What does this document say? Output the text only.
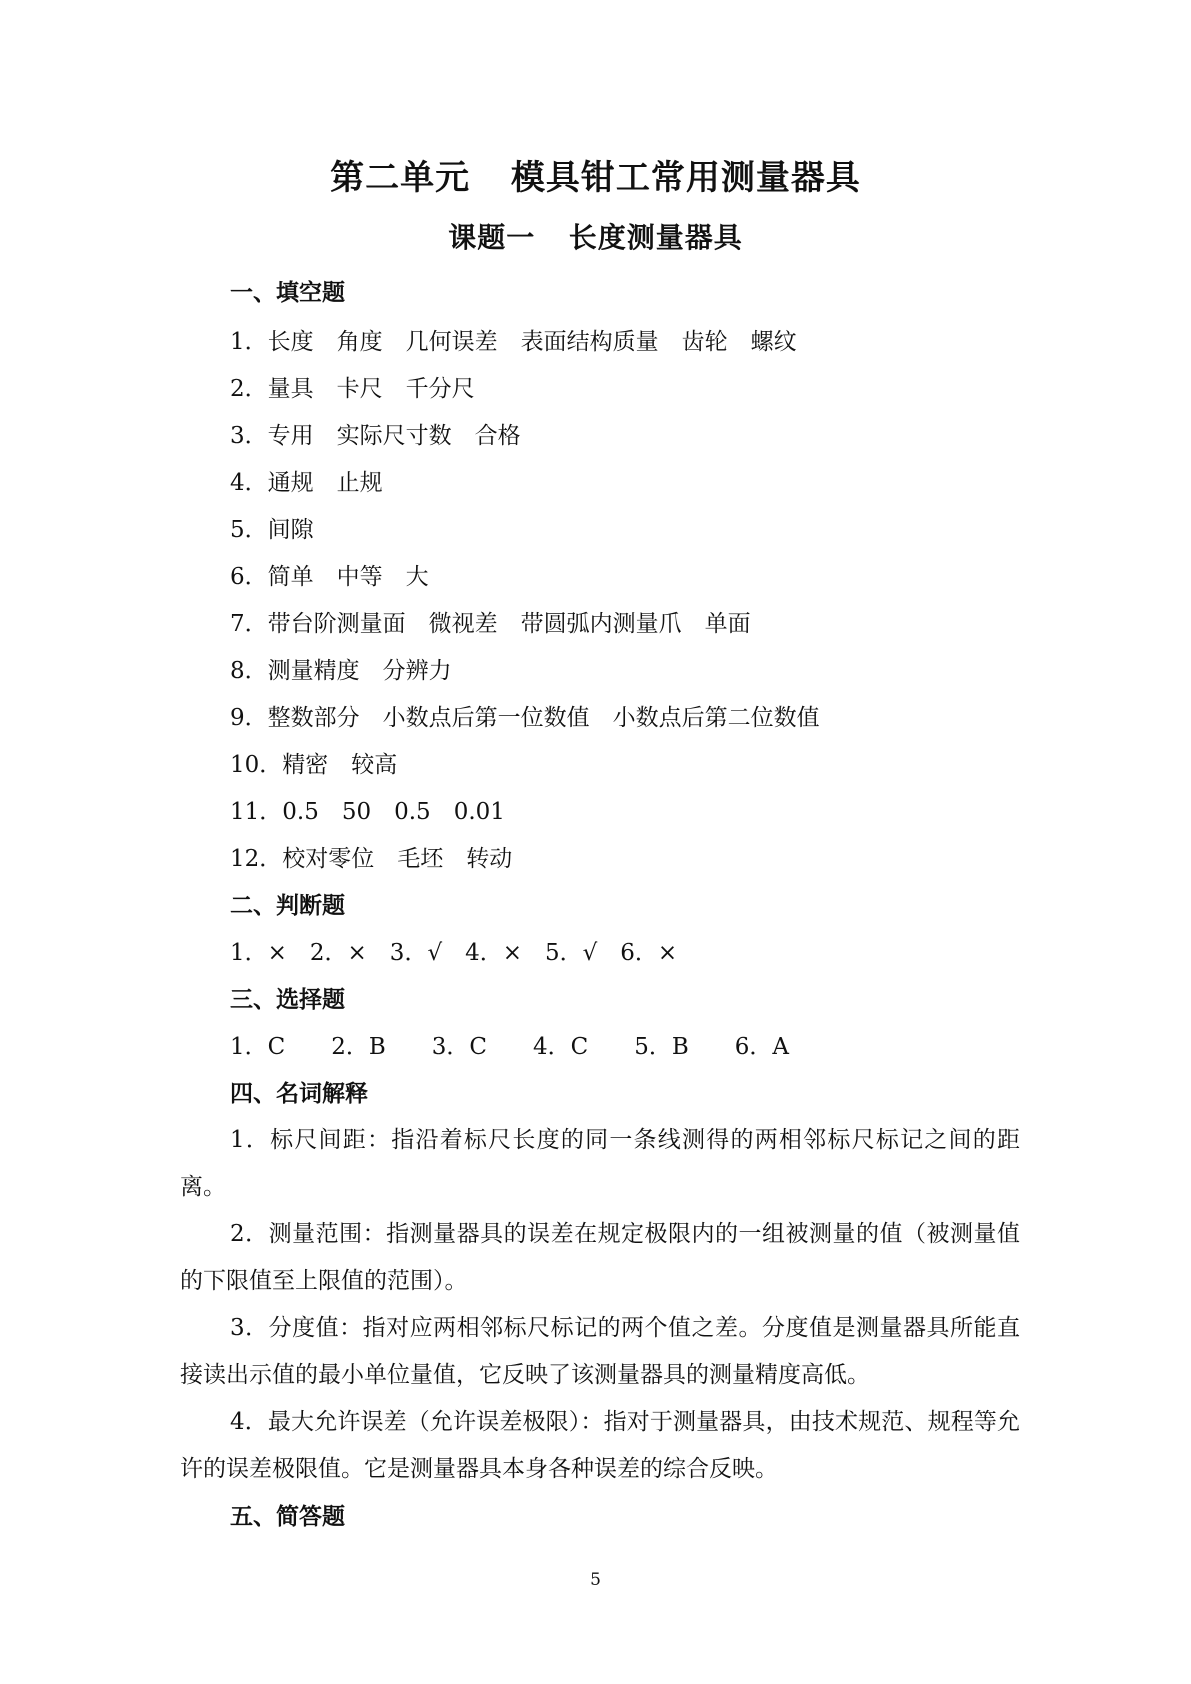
第二单元 模具钳工常用测量器具
课题一 长度测量器具
一、填空题
1．长度　角度　几何误差　表面结构质量　齿轮　螺纹
2．量具　卡尺　千分尺
3．专用　实际尺寸数　合格
4．通规　止规
5．间隙
6．简单　中等　大
7．带台阶测量面　微视差　带圆弧内测量爪　单面
8．测量精度　分辨力
9．整数部分　小数点后第一位数值　小数点后第二位数值
10．精密　较高
11．0.5　50　0.5　0.01
12．校对零位　毛坯　转动
二、判断题
1．×　2．×　3．√　4．×　5．√　6．×
三、选择题
1．C　　2．B　　3．C　　4．C　　5．B　　6．A
四、名词解释
1．标尺间距：指沿着标尺长度的同一条线测得的两相邻标尺标记之间的距离。
2．测量范围：指测量器具的误差在规定极限内的一组被测量的值（被测量值的下限值至上限值的范围）。
3．分度值：指对应两相邻标尺标记的两个值之差。分度值是测量器具所能直接读出示值的最小单位量值，它反映了该测量器具的测量精度高低。
4．最大允许误差（允许误差极限）：指对于测量器具，由技术规范、规程等允许的误差极限值。它是测量器具本身各种误差的综合反映。
五、简答题
5
